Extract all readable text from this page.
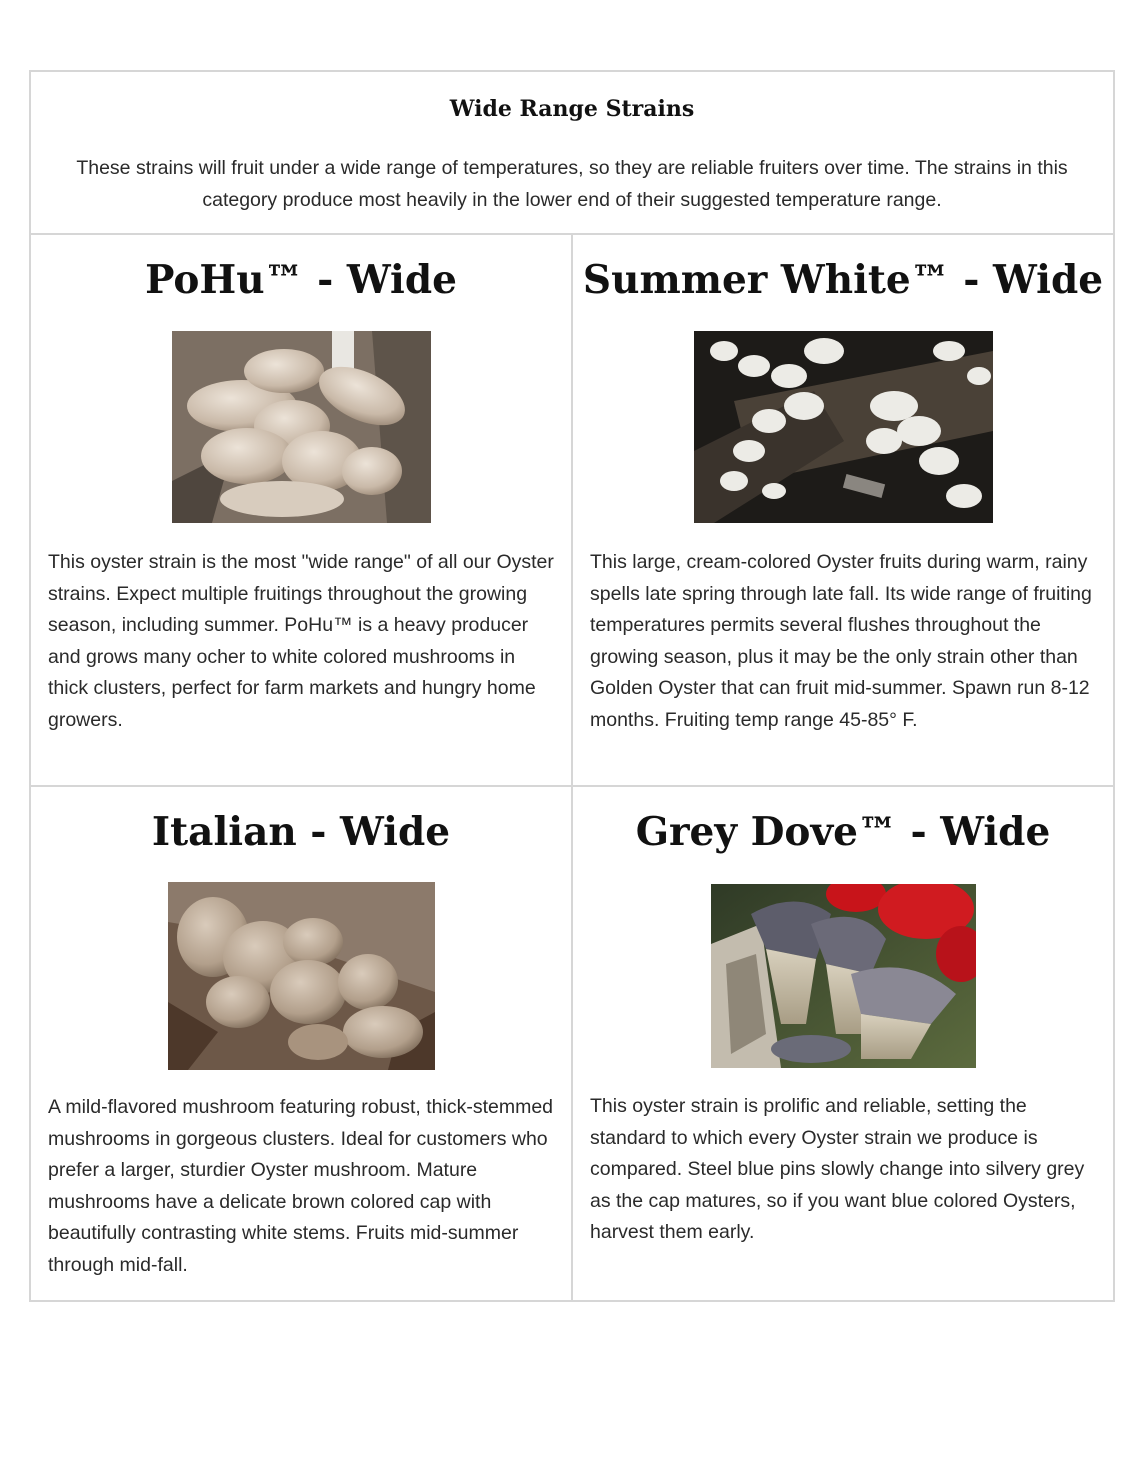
Wide Range Strains
These strains will fruit under a wide range of temperatures, so they are reliable fruiters over time. The strains in this category produce most heavily in the lower end of their suggested temperature range.
PoHu™ - Wide
This oyster strain is the most "wide range" of all our Oyster strains. Expect multiple fruitings throughout the growing season, including summer. PoHu™ is a heavy producer and grows many ocher to white colored mushrooms in thick clusters, perfect for farm markets and hungry home growers.
Summer White™ - Wide
This large, cream-colored Oyster fruits during warm, rainy spells late spring through late fall. Its wide range of fruiting temperatures permits several flushes throughout the growing season, plus it may be the only strain other than Golden Oyster that can fruit mid-summer. Spawn run 8-12 months. Fruiting temp range 45-85° F.
Italian - Wide
A mild-flavored mushroom featuring robust, thick-stemmed mushrooms in gorgeous clusters. Ideal for customers who prefer a larger, sturdier Oyster mushroom. Mature mushrooms have a delicate brown colored cap with beautifully contrasting white stems. Fruits mid-summer through mid-fall.
Grey Dove™ - Wide
This oyster strain is prolific and reliable, setting the standard to which every Oyster strain we produce is compared. Steel blue pins slowly change into silvery grey as the cap matures, so if you want blue colored Oysters, harvest them early.
